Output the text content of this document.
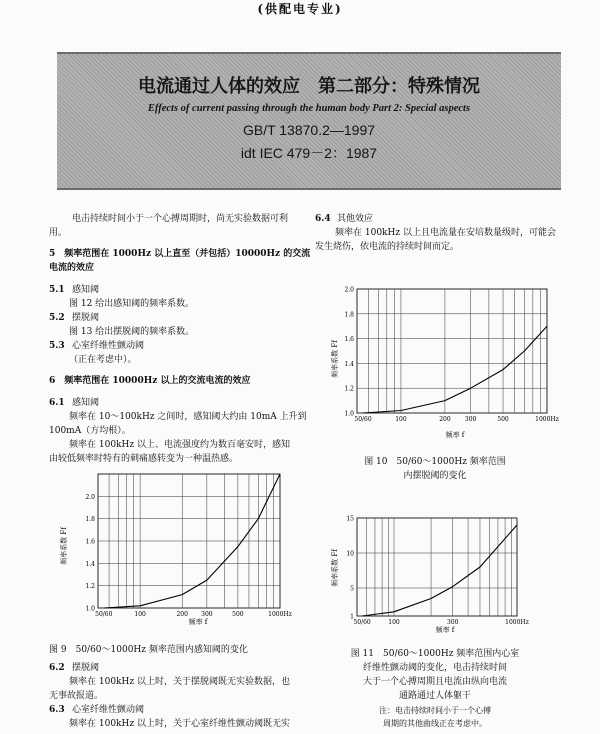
(供配电专业)
电流通过人体的效应　第二部分：特殊情况
Effects of current passing through the human body Part 2: Special aspects
GB/T 13870.2—1997
idt IEC 479－2：1987
电击持续时间小于一个心搏周期时，尚无实验数据可利
用。
5　频率范围在 1000Hz 以上直至（并包括）10000Hz 的交流
电流的效应
5.1 感知阈
图 12 给出感知阈的频率系数。
5.2 摆脱阈
图 13 给出摆脱阈的频率系数。
5.3 心室纤维性颤动阈
（正在考虑中）。
6　频率范围在 10000Hz 以上的交流电流的效应
6.1 感知阈
频率在 10～100kHz 之间时，感知阈大约由 10mA 上升到
100mA（方均根）。
频率在 100kHz 以上、电流强度约为数百毫安时，感知
由较低频率时特有的刺痛感转变为一种温热感。
频率系数 Ff
1.0
1.2
1.4
1.6
1.8
2.0
50/60	100	200 300	500	1000Hz
频率 f
图 9　50/60～1000Hz 频率范围内感知阈的变化
6.2 摆脱阈
频率在 100kHz 以上时，关于摆脱阈既无实验数据，也
无事故报道。
6.3 心室纤维性颤动阈
频率在 100kHz 以上时，关于心室纤维性颤动阈既无实
6.4 其他效应
频率在 100kHz 以上且电流量在安培数量级时，可能会
发生烧伤，依电流的持续时间而定。
频率系数 Ff
1.0
1.2
1.4
1.6
1.8
2.0
50/60	100	200 300	500	1000Hz
频率 f
图 10　50/60～1000Hz 频率范围
内摆脱阈的变化
频率系数 Ff
1
5
10
15
50/60	100	300	1000Hz
频率 f
图 11　50/60～1000Hz 频率范围内心室
纤维性颤动阈的变化，电击持续时间
大于一个心搏周期且电流由纵向电流
通路通过人体躯干
注：电击持续时间小于一个心搏
周期的其他曲线正在考虑中。
